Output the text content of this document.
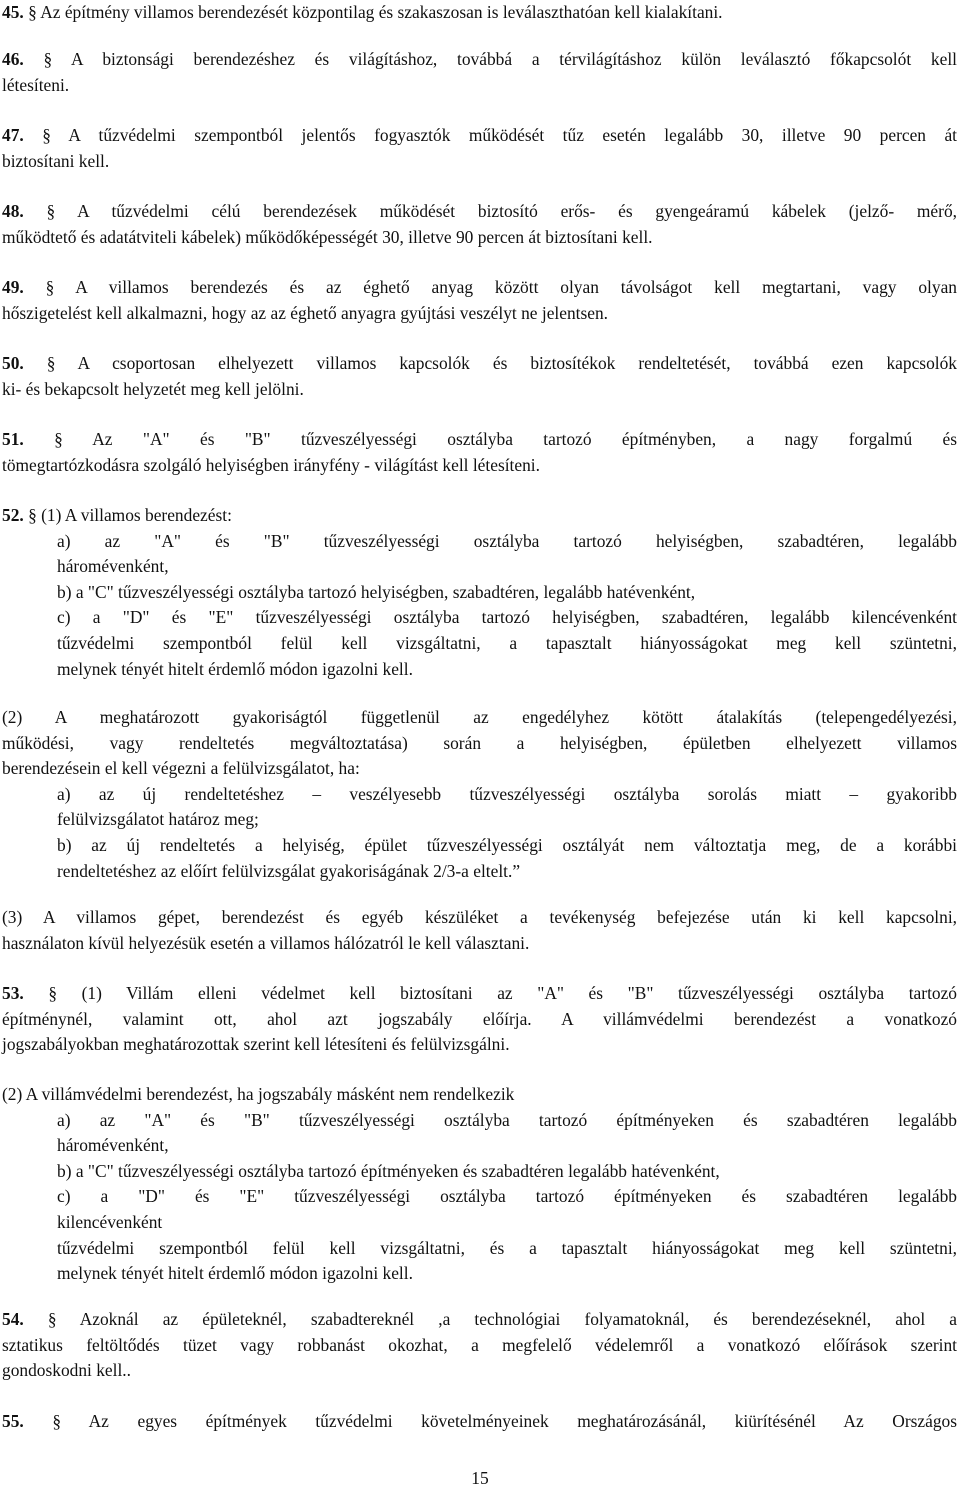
45. § Az építmény villamos berendezését központilag és szakaszosan is leválaszthatóan kell kialakítani.

46. § A biztonsági berendezéshez és világításhoz, továbbá a térvilágításhoz külön leválasztó főkapcsolót kell
létesíteni.

47. § A tűzvédelmi szempontból jelentős fogyasztók működését tűz esetén legalább 30, illetve 90 percen át
biztosítani kell.

48. § A tűzvédelmi célú berendezések működését biztosító erős- és gyengeáramú kábelek (jelző- mérő,
működtető és adatátviteli kábelek) működőképességét 30, illetve 90 percen át biztosítani kell.

49. § A villamos berendezés és az éghető anyag között olyan távolságot kell megtartani, vagy olyan
hőszigetelést kell alkalmazni, hogy az az éghető anyagra gyújtási veszélyt ne jelentsen.

50. § A csoportosan elhelyezett villamos kapcsolók és biztosítékok rendeltetését, továbbá ezen kapcsolók
ki- és bekapcsolt helyzetét meg kell jelölni.

51. § Az "A" és "B" tűzveszélyességi osztályba tartozó építményben, a nagy forgalmú és
tömegtartózkodásra szolgáló helyiségben irányfény - világítást kell létesíteni.

52. § (1) A villamos berendezést:
a) az "A" és "B" tűzveszélyességi osztályba tartozó helyiségben, szabadtéren, legalább
háromévenként,
b) a "C" tűzveszélyességi osztályba tartozó helyiségben, szabadtéren, legalább hatévenként,
c) a "D" és "E" tűzveszélyességi osztályba tartozó helyiségben, szabadtéren, legalább kilencévenként
tűzvédelmi szempontból felül kell vizsgáltatni, a tapasztalt hiányosságokat meg kell szüntetni,
melynek tényét hitelt érdemlő módon igazolni kell.

(2) A meghatározott gyakoriságtól függetlenül az engedélyhez kötött átalakítás (telepengedélyezési,
működési, vagy rendeltetés megváltoztatása) során a helyiségben, épületben elhelyezett villamos
berendezésein el kell végezni a felülvizsgálatot, ha:
a) az új rendeltetéshez – veszélyesebb tűzveszélyességi osztályba sorolás miatt – gyakoribb
felülvizsgálatot határoz meg;
b) az új rendeltetés a helyiség, épület tűzveszélyességi osztályát nem változtatja meg, de a korábbi
rendeltetéshez az előírt felülvizsgálat gyakoriságának 2/3-a eltelt.”

(3) A villamos gépet, berendezést és egyéb készüléket a tevékenység befejezése után ki kell kapcsolni,
használaton kívül helyezésük esetén a villamos hálózatról le kell választani.

53. § (1) Villám elleni védelmet kell biztosítani az "A" és "B" tűzveszélyességi osztályba tartozó
építménynél, valamint ott, ahol azt jogszabály előírja. A villámvédelmi berendezést a vonatkozó
jogszabályokban meghatározottak szerint kell létesíteni és felülvizsgálni.

(2) A villámvédelmi berendezést, ha jogszabály másként nem rendelkezik
a) az "A" és "B" tűzveszélyességi osztályba tartozó építményeken és szabadtéren legalább
háromévenként,
b) a "C" tűzveszélyességi osztályba tartozó építményeken és szabadtéren legalább hatévenként,
c) a "D" és "E" tűzveszélyességi osztályba tartozó építményeken és szabadtéren legalább
kilencévenként
tűzvédelmi szempontból felül kell vizsgáltatni, és a tapasztalt hiányosságokat meg kell szüntetni,
melynek tényét hitelt érdemlő módon igazolni kell.

54. § Azoknál az épületeknél, szabadtereknél ,a technológiai folyamatoknál, és berendezéseknél, ahol a
sztatikus feltöltődés tüzet vagy robbanást okozhat, a megfelelő védelemről a vonatkozó előírások szerint
gondoskodni kell..

55. § Az egyes építmények tűzvédelmi követelményeinek meghatározásánál, kiürítésénél Az Országos

15
